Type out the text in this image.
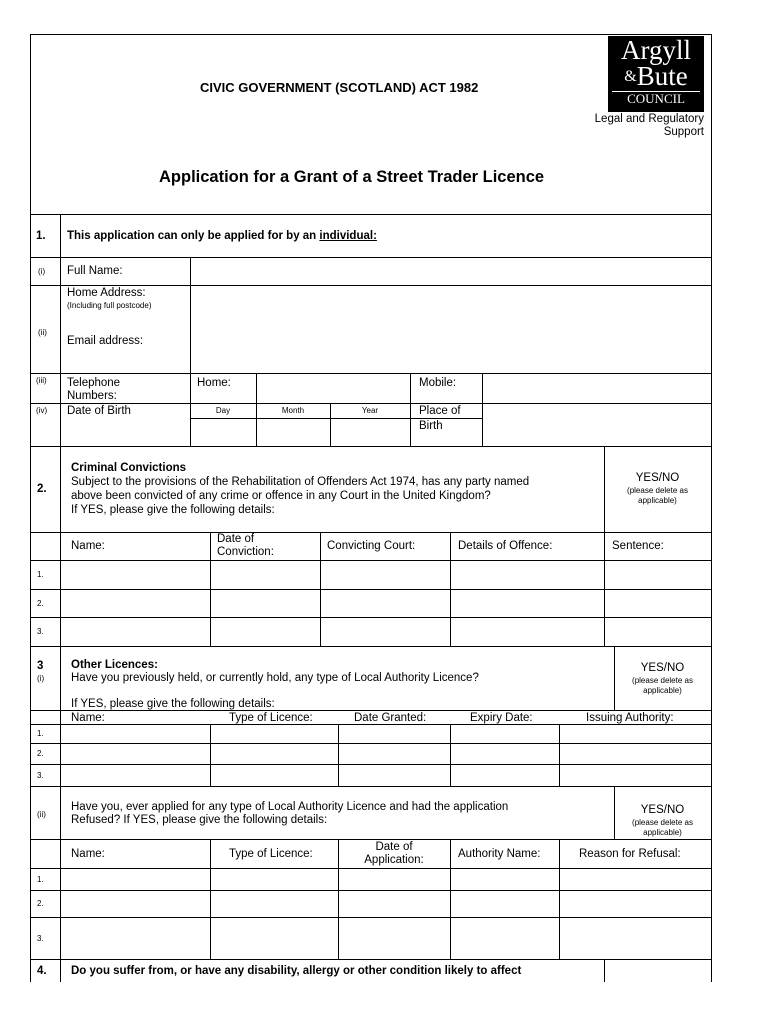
CIVIC GOVERNMENT (SCOTLAND) ACT 1982
Argyll
&Bute
COUNCIL
Legal and Regulatory
Support
Application for a Grant of a Street Trader Licence
1. This application can only be applied for by an individual:
(i) Full Name:
Home Address:
(Including full postcode)
(ii)
Email address:
(iii) Telephone
Numbers:
Home:	Mobile:
(iv) Date of Birth	Day	Month	Year	Place of
Birth
2.
Criminal Convictions
Subject to the provisions of the Rehabilitation of Offenders Act 1974, has any party named
above been convicted of any crime or offence in any Court in the United Kingdom?
If YES, please give the following details:
YES/NO
(please delete as
applicable)
Name:
Date of
Conviction:	Convicting Court:	Details of Offence:	Sentence:
1.
2.
3.
3
(i)
Other Licences:
Have you previously held, or currently hold, any type of Local Authority Licence?
If YES, please give the following details:
YES/NO
(please delete as
applicable)
Name:	Type of Licence:	Date Granted:	Expiry Date:	Issuing Authority:
1.
2.
3.
(ii)
Have you, ever applied for any type of Local Authority Licence and had the application
Refused? If YES, please give the following details:
YES/NO
(please delete as
applicable)
Name:	Type of Licence:
Date of
Application:	Authority Name:	Reason for Refusal:
1.
2.
3.
4. Do you suffer from, or have any disability, allergy or other condition likely to affect
